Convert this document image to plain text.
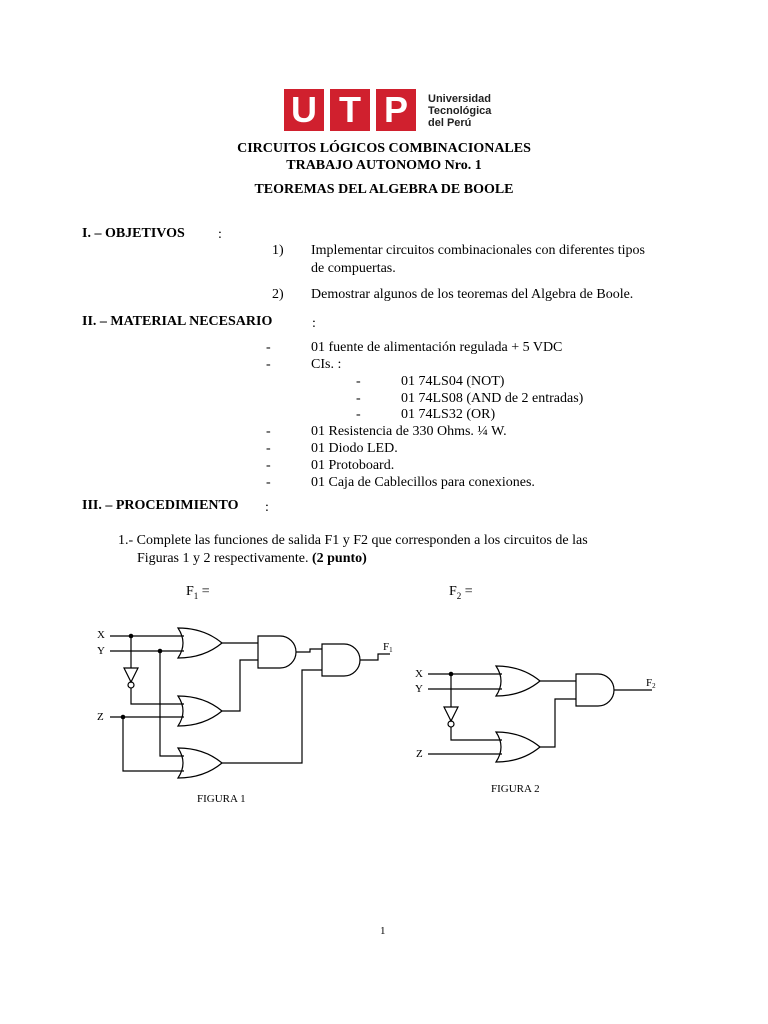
U T P	Universidad
Tecnológica
del Perú
CIRCUITOS LÓGICOS COMBINACIONALES
TRABAJO AUTONOMO Nro. 1
TEOREMAS DEL ALGEBRA DE BOOLE
I. – OBJETIVOS :
1) Implementar circuitos combinacionales con diferentes tipos
de compuertas.
2) Demostrar algunos de los teoremas del Algebra de Boole.
II. – MATERIAL NECESARIO	:
-	01 fuente de alimentación regulada + 5 VDC
-	CIs. :
-	01 74LS04 (NOT)
-	01 74LS08 (AND de 2 entradas)
-	01 74LS32 (OR)
-	01 Resistencia de 330 Ohms. ¼ W.
-	01 Diodo LED.
-	01 Protoboard.
-	01 Caja de Cablecillos para conexiones.
III. – PROCEDIMIENTO :
1.- Complete las funciones de salida F1 y F2 que corresponden a los circuitos de las
Figuras 1 y 2 respectivamente. (2 punto)
$F_1$ =	$F_2$ =
X
Y
Z
F1
FIGURA 1
X
Y
Z
F2
FIGURA 2
1
